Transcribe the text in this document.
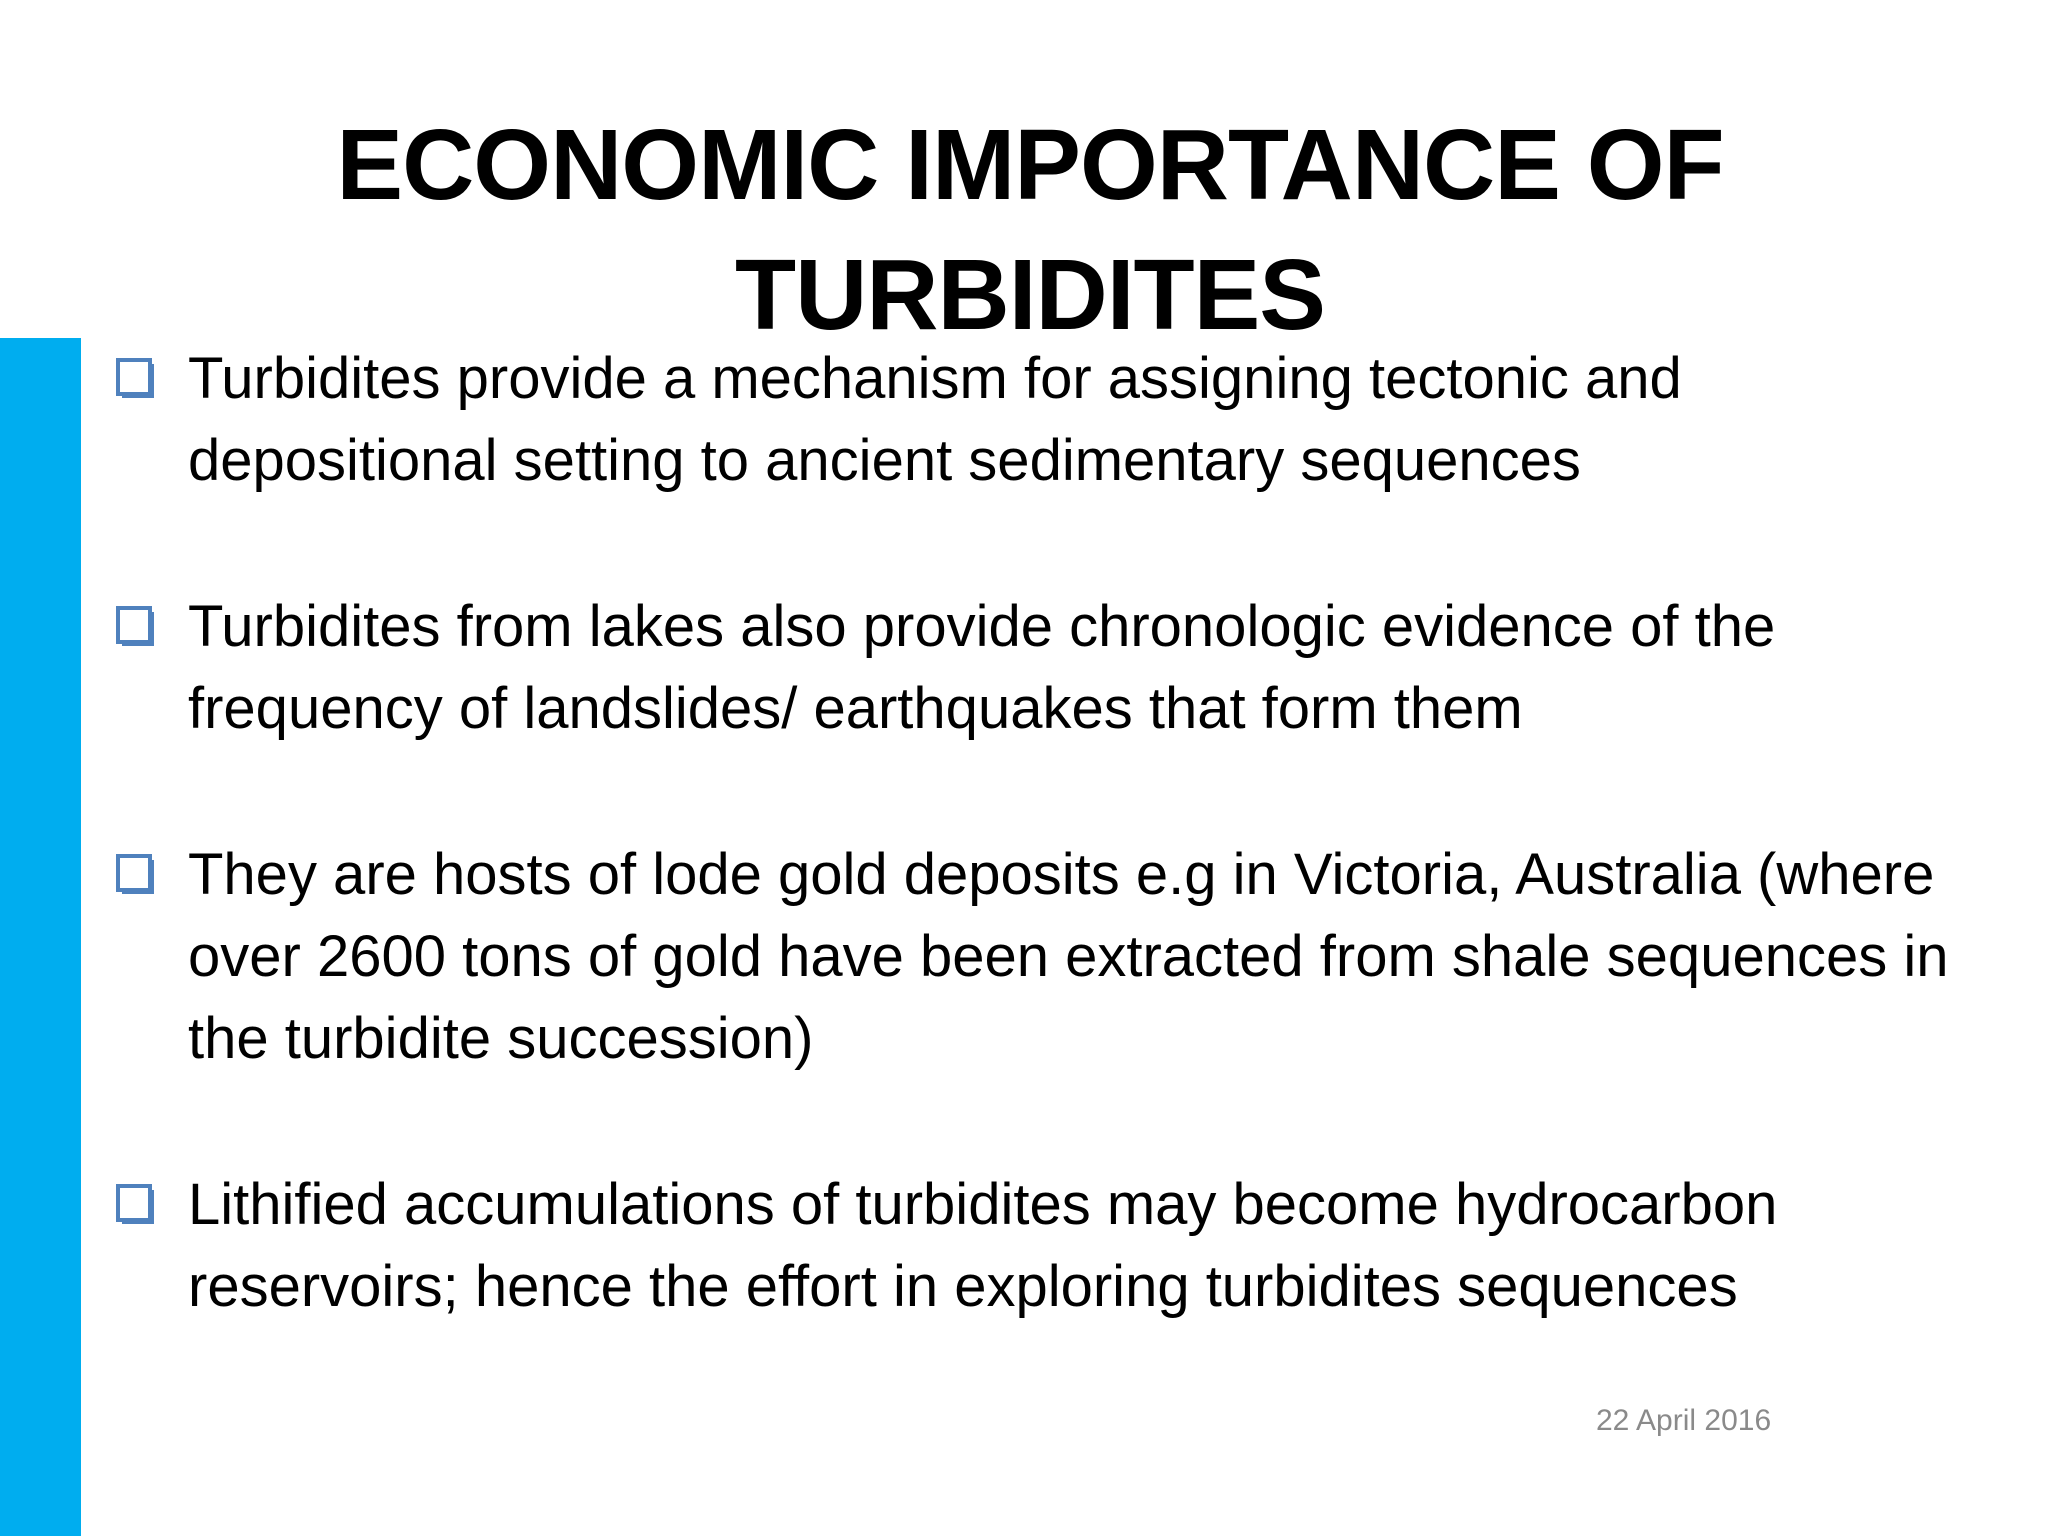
ECONOMIC IMPORTANCE OF TURBIDITES
Turbidites provide a mechanism for assigning tectonic and depositional setting to ancient sedimentary sequences
Turbidites from lakes also provide chronologic evidence of the frequency of landslides/ earthquakes that form them
They are hosts of lode gold deposits e.g in Victoria, Australia (where over 2600 tons of gold have been extracted from shale sequences in the turbidite succession)
Lithified accumulations of turbidites may become hydrocarbon reservoirs; hence the effort in exploring turbidites sequences
22 April 2016
